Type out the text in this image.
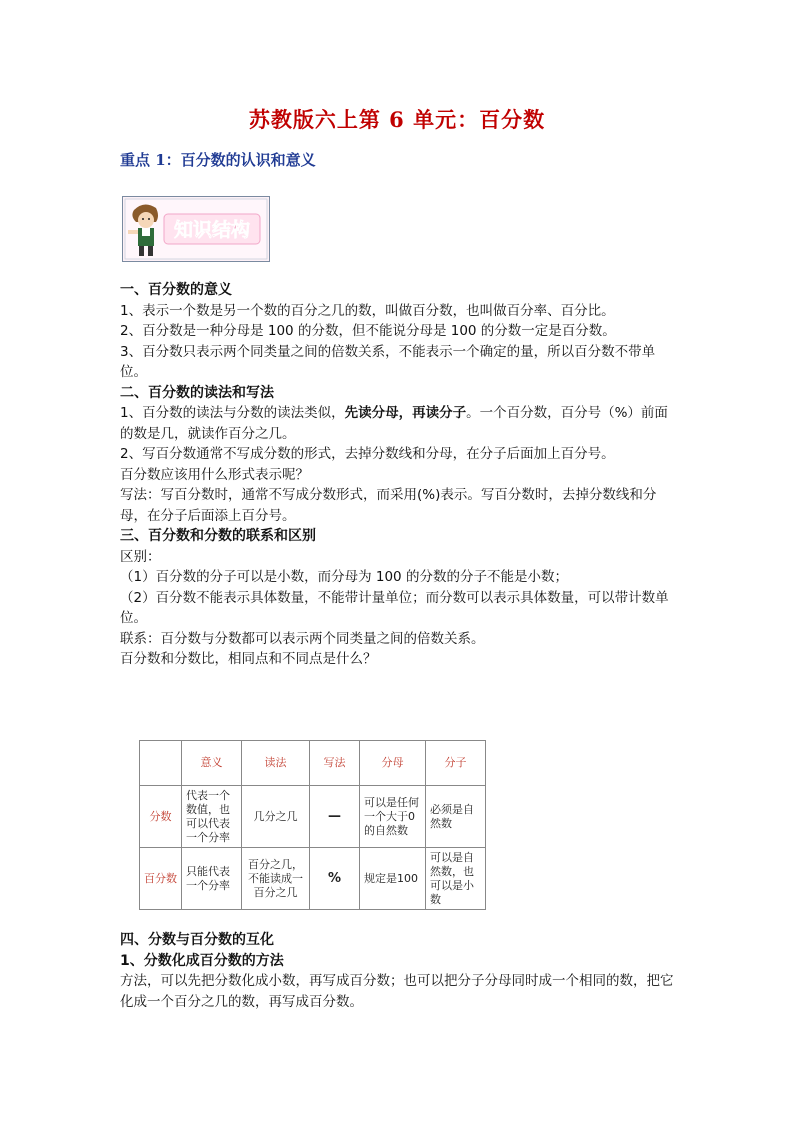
苏教版六上第 6 单元：百分数
重点 1：百分数的认识和意义
知识结构

一、百分数的意义

1、表示一个数是另一个数的百分之几的数，叫做百分数，也叫做百分率、百分比。

2、百分数是一种分母是 100 的分数，但不能说分母是 100 的分数一定是百分数。

3、百分数只表示两个同类量之间的倍数关系，不能表示一个确定的量，所以百分数不带单位。

二、百分数的读法和写法

1、百分数的读法与分数的读法类似，先读分母，再读分子。一个百分数，百分号（%）前面的数是几，就读作百分之几。

2、写百分数通常不写成分数的形式，去掉分数线和分母，在分子后面加上百分号。

百分数应该用什么形式表示呢？

写法：写百分数时，通常不写成分数形式，而采用(%)表示。写百分数时，去掉分数线和分母，在分子后面添上百分号。

三、百分数和分数的联系和区别

区别：

（1）百分数的分子可以是小数，而分母为 100 的分数的分子不能是小数；

（2）百分数不能表示具体数量，不能带计量单位；而分数可以表示具体数量，可以带计数单位。

联系：百分数与分数都可以表示两个同类量之间的倍数关系。

百分数和分数比，相同点和不同点是什么？

	意义	读法	写法	分母	分子
分数	代表一个数值，也可以代表一个分率	几分之几	—	可以是任何一个大于0的自然数	必须是自然数
百分数	只能代表一个分率	百分之几，不能读成一百分之几	%	规定是100	可以是自然数，也可以是小数

四、分数与百分数的互化

1、分数化成百分数的方法

方法，可以先把分数化成小数，再写成百分数；也可以把分子分母同时成一个相同的数，把它化成一个百分之几的数，再写成百分数。
